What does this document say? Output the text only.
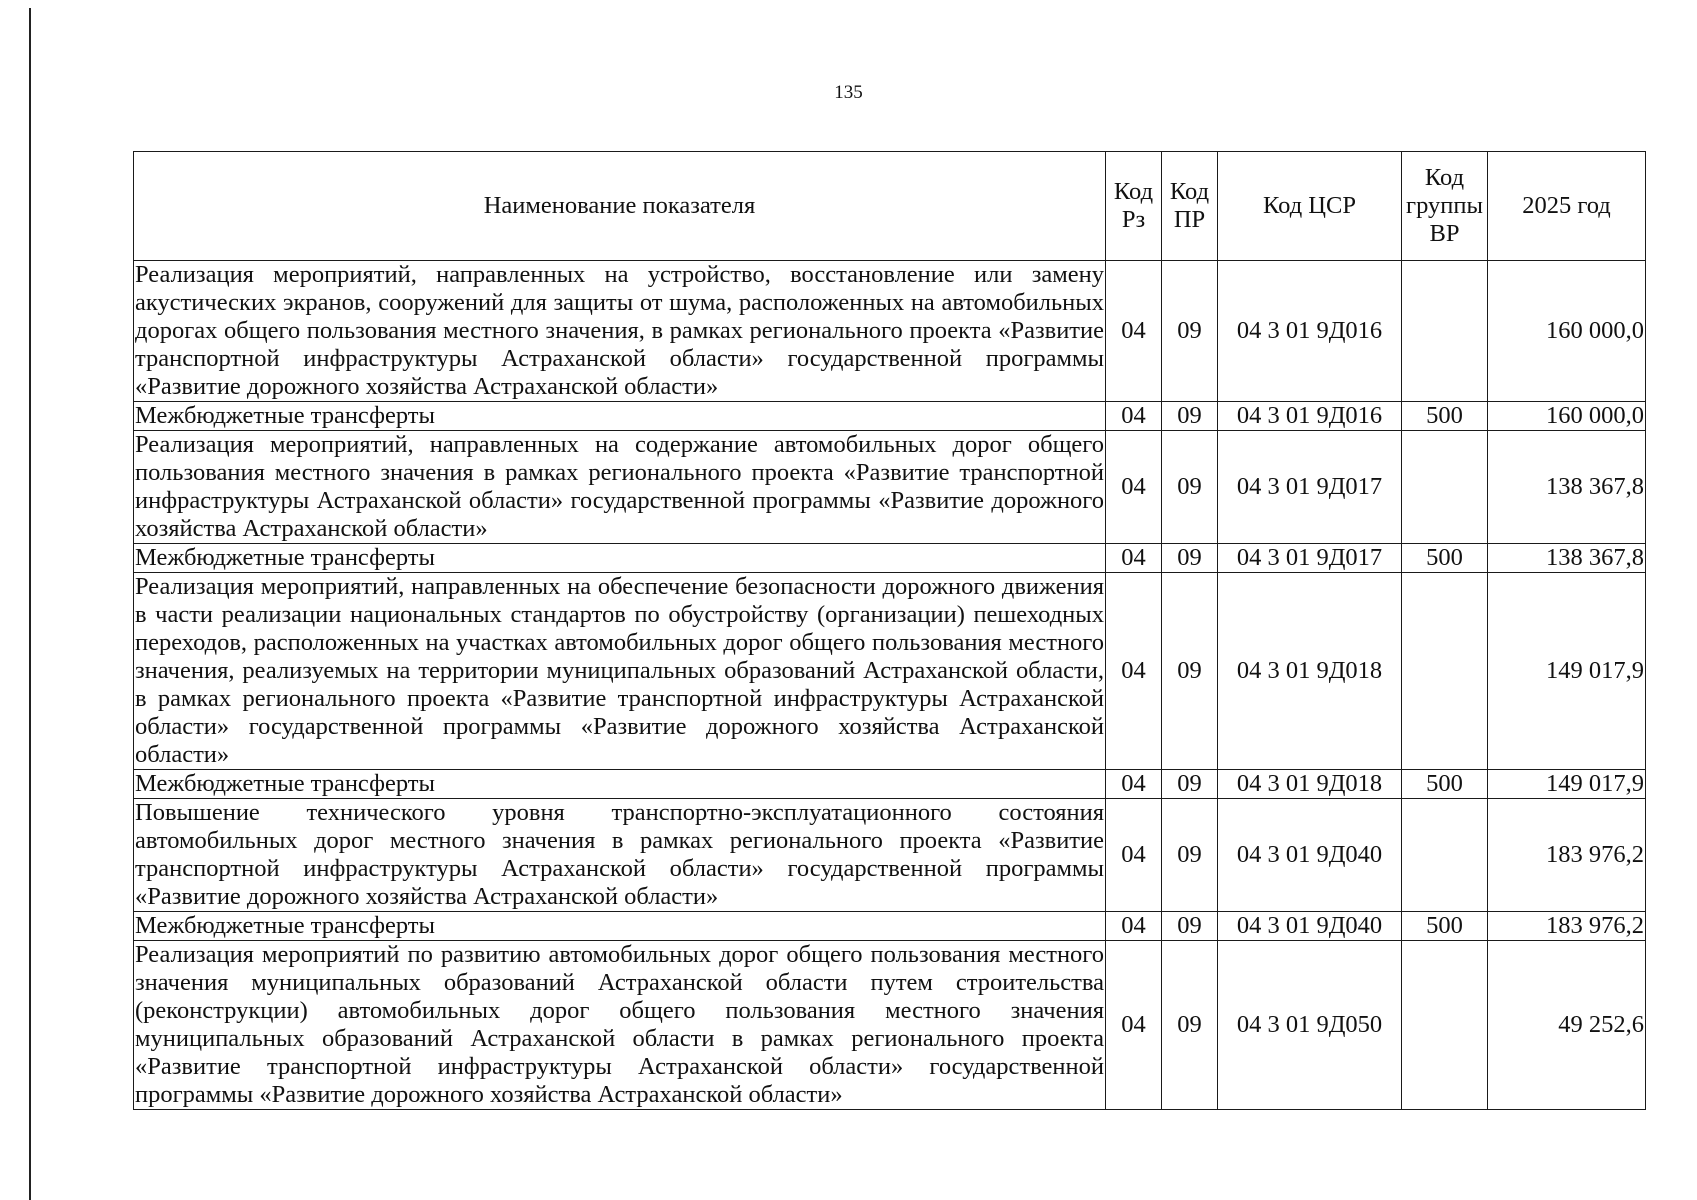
135
Наименование показателя	Код Рз	Код ПР	Код ЦСР	Код группы ВР	2025 год
Реализация мероприятий, направленных на устройство, восстановление или замену акустических экранов, сооружений для защиты от шума, расположенных на автомобильных дорогах общего пользования местного значения, в рамках регионального проекта «Развитие транспортной инфраструктуры Астраханской области» государственной программы «Развитие дорожного хозяйства Астраханской области»	04	09	04 3 01 9Д016		160 000,0
Межбюджетные трансферты	04	09	04 3 01 9Д016	500	160 000,0
Реализация мероприятий, направленных на содержание автомобильных дорог общего пользования местного значения в рамках регионального проекта «Развитие транспортной инфраструктуры Астраханской области» государственной программы «Развитие дорожного хозяйства Астраханской области»	04	09	04 3 01 9Д017		138 367,8
Межбюджетные трансферты	04	09	04 3 01 9Д017	500	138 367,8
Реализация мероприятий, направленных на обеспечение безопасности дорожного движения в части реализации национальных стандартов по обустройству (организации) пешеходных переходов, расположенных на участках автомобильных дорог общего пользования местного значения, реализуемых на территории муниципальных образований Астраханской области, в рамках регионального проекта «Развитие транспортной инфраструктуры Астраханской области» государственной программы «Развитие дорожного хозяйства Астраханской области»	04	09	04 3 01 9Д018		149 017,9
Межбюджетные трансферты	04	09	04 3 01 9Д018	500	149 017,9
Повышение технического уровня транспортно-эксплуатационного состояния автомобильных дорог местного значения в рамках регионального проекта «Развитие транспортной инфраструктуры Астраханской области» государственной программы «Развитие дорожного хозяйства Астраханской области»	04	09	04 3 01 9Д040		183 976,2
Межбюджетные трансферты	04	09	04 3 01 9Д040	500	183 976,2
Реализация мероприятий по развитию автомобильных дорог общего пользования местного значения муниципальных образований Астраханской области путем строительства (реконструкции) автомобильных дорог общего пользования местного значения муниципальных образований Астраханской области в рамках регионального проекта «Развитие транспортной инфраструктуры Астраханской области» государственной программы «Развитие дорожного хозяйства Астраханской области»	04	09	04 3 01 9Д050		49 252,6
